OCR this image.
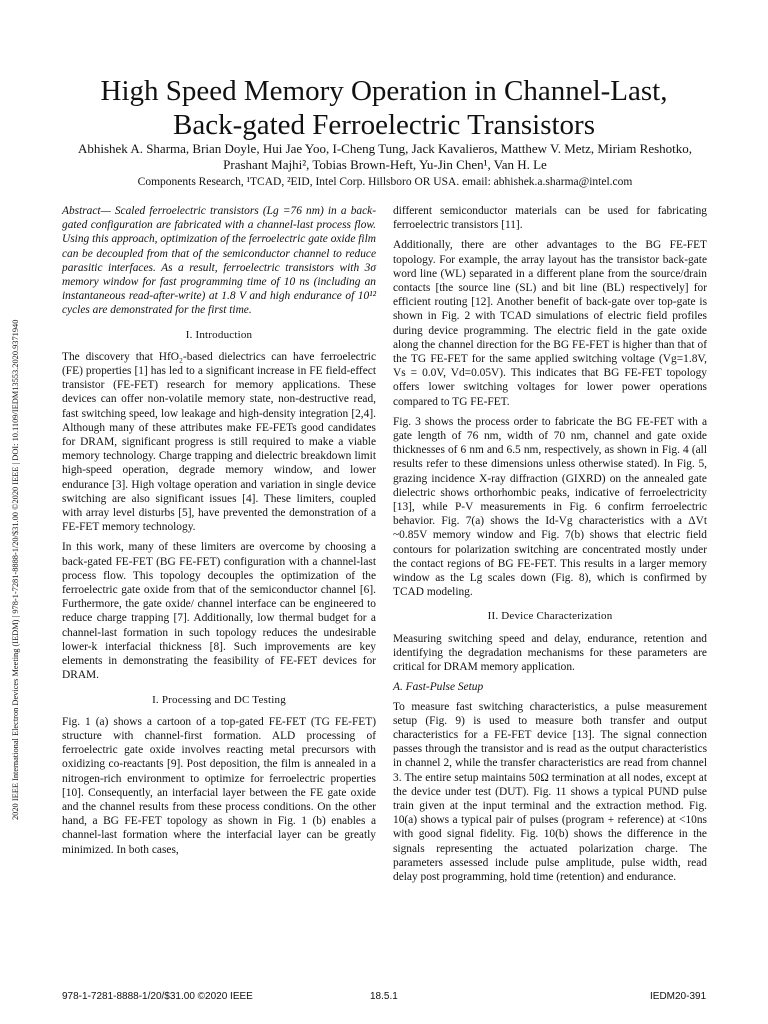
High Speed Memory Operation in Channel-Last,
Back-gated Ferroelectric Transistors
Abhishek A. Sharma, Brian Doyle, Hui Jae Yoo, I-Cheng Tung, Jack Kavalieros, Matthew V. Metz, Miriam Reshotko,
Prashant Majhi², Tobias Brown-Heft, Yu-Jin Chen¹, Van H. Le
Components Research, ¹TCAD, ²EID, Intel Corp. Hillsboro OR USA. email: abhishek.a.sharma@intel.com
2020 IEEE International Electron Devices Meeting (IEDM) | 978-1-7281-8888-1/20/$31.00 ©2020 IEEE | DOI: 10.1109/IEDM13553.2020.9371940

Abstract— Scaled ferroelectric transistors (Lg =76 nm) in a back- gated configuration are fabricated with a channel-last process flow. Using this approach, optimization of the ferroelectric gate oxide film can be decoupled from that of the semiconductor channel to reduce parasitic interfaces. As a result, ferroelectric transistors with 3σ memory window for fast programming time of 10 ns (including an instantaneous read-after-write) at 1.8 V and high endurance of 10¹² cycles are demonstrated for the first time.

I. Introduction

The discovery that HfO₂-based dielectrics can have ferroelectric (FE) properties [1] has led to a significant increase in FE field-effect transistor (FE-FET) research for memory applications. These devices can offer non-volatile memory state, non-destructive read, fast switching speed, low leakage and high-density integration [2,4]. Although many of these attributes make FE-FETs good candidates for DRAM, significant progress is still required to make a viable memory technology. Charge trapping and dielectric breakdown limit high-speed operation, degrade memory window, and lower endurance [3]. High voltage operation and variation in single device switching are also significant issues [4]. These limiters, coupled with array level disturbs [5], have prevented the demonstration of a FE-FET memory technology.

In this work, many of these limiters are overcome by choosing a back-gated FE-FET (BG FE-FET) configuration with a channel-last process flow. This topology decouples the optimization of the ferroelectric gate oxide from that of the semiconductor channel [6]. Furthermore, the gate oxide/ channel interface can be engineered to reduce charge trapping [7]. Additionally, low thermal budget for a channel-last formation in such topology reduces the undesirable lower-k interfacial thickness [8]. Such improvements are key elements in demonstrating the feasibility of FE-FET devices for DRAM.

I. Processing and DC Testing

Fig. 1 (a) shows a cartoon of a top-gated FE-FET (TG FE-FET) structure with channel-first formation. ALD processing of ferroelectric gate oxide involves reacting metal precursors with oxidizing co-reactants [9]. Post deposition, the film is annealed in a nitrogen-rich environment to optimize for ferroelectric properties [10]. Consequently, an interfacial layer between the FE gate oxide and the channel results from these process conditions. On the other hand, a BG FE-FET topology as shown in Fig. 1 (b) enables a channel-last formation where the interfacial layer can be greatly minimized. In both cases,

different semiconductor materials can be used for fabricating ferroelectric transistors [11].

Additionally, there are other advantages to the BG FE-FET topology. For example, the array layout has the transistor back-gate word line (WL) separated in a different plane from the source/drain contacts [the source line (SL) and bit line (BL) respectively] for efficient routing [12]. Another benefit of back-gate over top-gate is shown in Fig. 2 with TCAD simulations of electric field profiles during device programming. The electric field in the gate oxide along the channel direction for the BG FE-FET is higher than that of the TG FE-FET for the same applied switching voltage (Vg=1.8V, Vs = 0.0V, Vd=0.05V). This indicates that BG FE-FET topology offers lower switching voltages for lower power operations compared to TG FE-FET.

Fig. 3 shows the process order to fabricate the BG FE-FET with a gate length of 76 nm, width of 70 nm, channel and gate oxide thicknesses of 6 nm and 6.5 nm, respectively, as shown in Fig. 4 (all results refer to these dimensions unless otherwise stated). In Fig. 5, grazing incidence X-ray diffraction (GIXRD) on the annealed gate dielectric shows orthorhombic peaks, indicative of ferroelectricity [13], while P-V measurements in Fig. 6 confirm ferroelectric behavior. Fig. 7(a) shows the Id-Vg characteristics with a ΔVt ~0.85V memory window and Fig. 7(b) shows that electric field contours for polarization switching are concentrated mostly under the contact regions of BG FE-FET. This results in a larger memory window as the Lg scales down (Fig. 8), which is confirmed by TCAD modeling.

II. Device Characterization

Measuring switching speed and delay, endurance, retention and identifying the degradation mechanisms for these parameters are critical for DRAM memory application.

A. Fast-Pulse Setup

To measure fast switching characteristics, a pulse measurement setup (Fig. 9) is used to measure both transfer and output characteristics for a FE-FET device [13]. The signal connection passes through the transistor and is read as the output characteristics in channel 2, while the transfer characteristics are read from channel 3. The entire setup maintains 50Ω termination at all nodes, except at the device under test (DUT). Fig. 11 shows a typical PUND pulse train given at the input terminal and the extraction method. Fig. 10(a) shows a typical pair of pulses (program + reference) at <10ns with good signal fidelity. Fig. 10(b) shows the difference in the signals representing the actuated polarization charge. The parameters assessed include pulse amplitude, pulse width, read delay post programming, hold time (retention) and endurance.

978-1-7281-8888-1/20/$31.00 ©2020 IEEE	18.5.1	IEDM20-391
